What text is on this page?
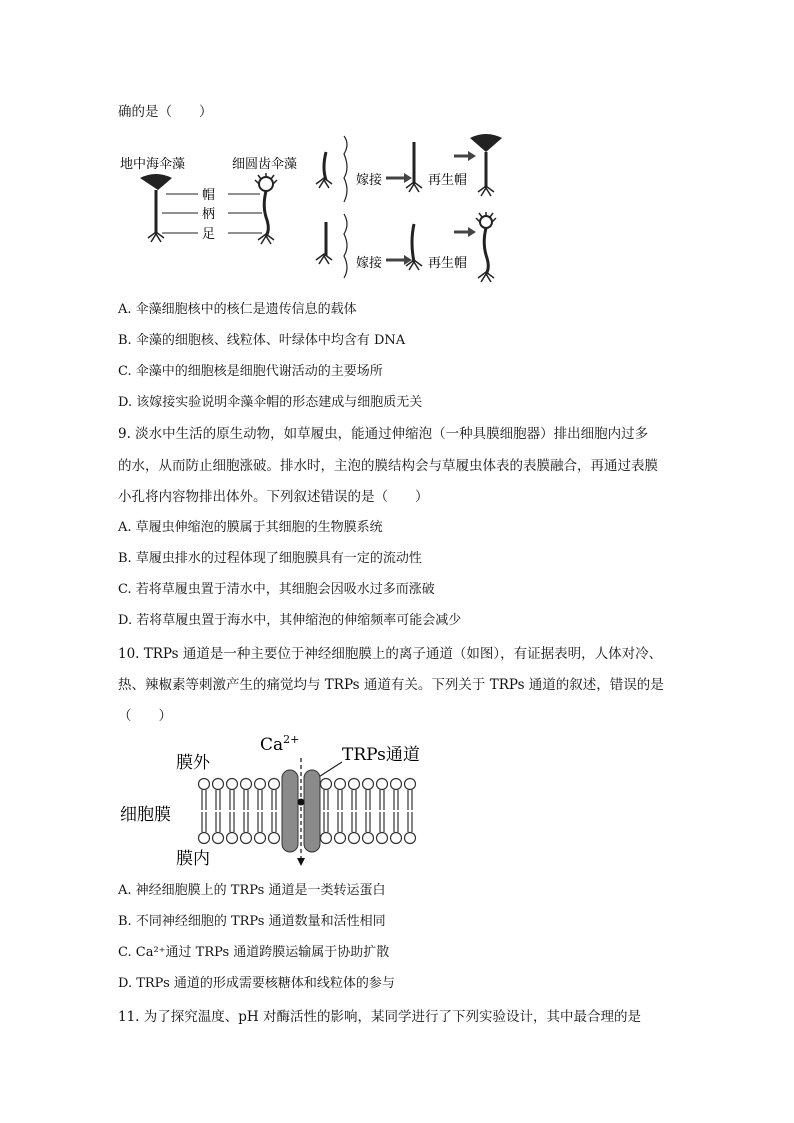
确的是（　　）
地中海伞藻	细圆齿伞藻
帽
柄
足
嫁接	再生帽
嫁接	再生帽
A. 伞藻细胞核中的核仁是遗传信息的载体
B. 伞藻的细胞核、线粒体、叶绿体中均含有 DNA
C. 伞藻中的细胞核是细胞代谢活动的主要场所
D. 该嫁接实验说明伞藻伞帽的形态建成与细胞质无关
9. 淡水中生活的原生动物，如草履虫，能通过伸缩泡（一种具膜细胞器）排出细胞内过多
的水，从而防止细胞涨破。排水时，主泡的膜结构会与草履虫体表的表膜融合，再通过表膜
小孔将内容物排出体外。下列叙述错误的是（　　）
A. 草履虫伸缩泡的膜属于其细胞的生物膜系统
B. 草履虫排水的过程体现了细胞膜具有一定的流动性
C. 若将草履虫置于清水中，其细胞会因吸水过多而涨破
D. 若将草履虫置于海水中，其伸缩泡的伸缩频率可能会减少
10. TRPs 通道是一种主要位于神经细胞膜上的离子通道（如图），有证据表明，人体对冷、
热、辣椒素等刺激产生的痛觉均与 TRPs 通道有关。下列关于 TRPs 通道的叙述，错误的是
（　　）
$Ca^{2+}$
TRPs通道
膜外
细胞膜
膜内
A. 神经细胞膜上的 TRPs 通道是一类转运蛋白
B. 不同神经细胞的 TRPs 通道数量和活性相同
C. Ca²⁺通过 TRPs 通道跨膜运输属于协助扩散
D. TRPs 通道的形成需要核糖体和线粒体的参与
11. 为了探究温度、pH 对酶活性的影响，某同学进行了下列实验设计，其中最合理的是
